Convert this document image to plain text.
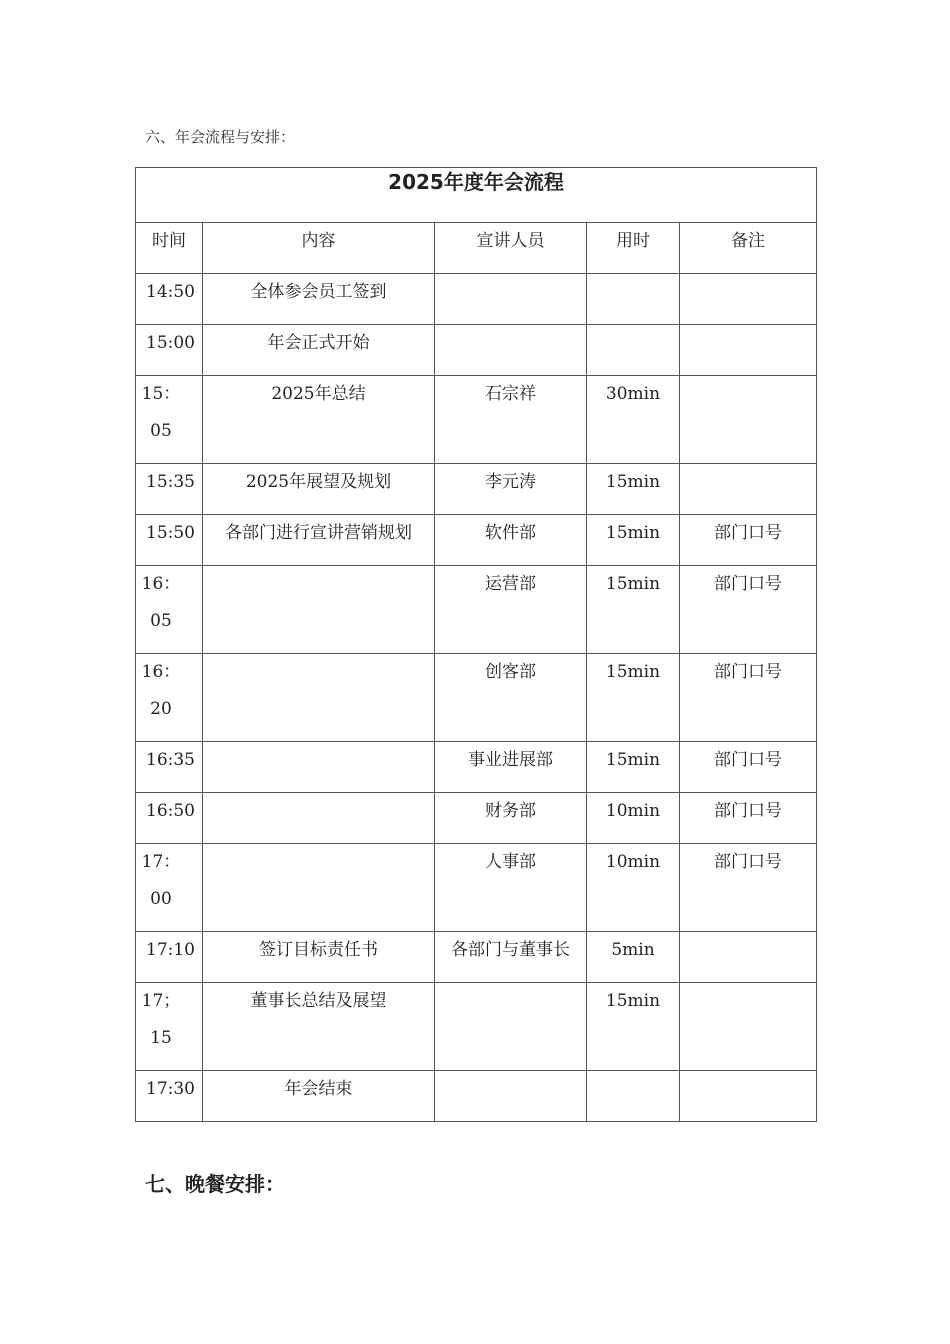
六、年会流程与安排：
2025年度年会流程				
时间	内容	宣讲人员	用时	备注
14:50	全体参会员工签到			
15:00	年会正式开始			
15：
05	2025年总结	石宗祥	30min	
15:35	2025年展望及规划	李元涛	15min	
15:50	各部门进行宣讲营销规划	软件部	15min	部门口号
16：
05		运营部	15min	部门口号
16：
20		创客部	15min	部门口号
16:35		事业进展部	15min	部门口号
16:50		财务部	10min	部门口号
17：
00		人事部	10min	部门口号
17:10	签订目标责任书	各部门与董事长	5min	
17；
15	董事长总结及展望		15min	
17:30	年会结束			
七、晚餐安排：
